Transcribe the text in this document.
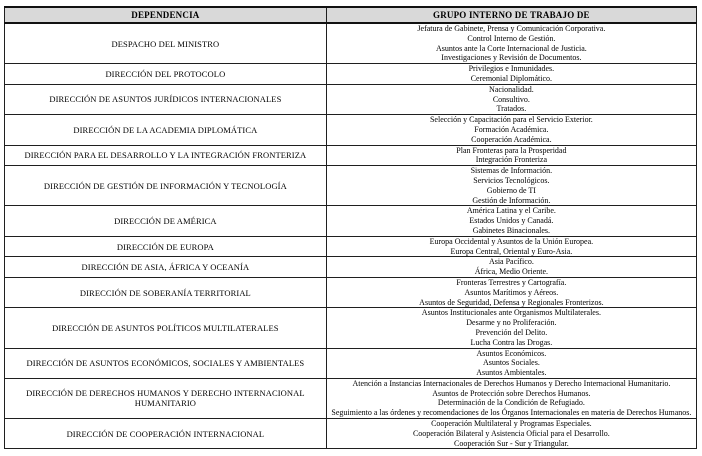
DEPENDENCIA	GRUPO INTERNO DE TRABAJO DE
DESPACHO DEL MINISTRO	Jefatura de Gabinete, Prensa y Comunicación Corporativa.
Control Interno de Gestión.
Asuntos ante la Corte Internacional de Justicia.
Investigaciones y Revisión de Documentos.

DIRECCIÓN DEL PROTOCOLO	Privilegios e Inmunidades.
Ceremonial Diplomático.

DIRECCIÓN DE ASUNTOS JURÍDICOS INTERNACIONALES	Nacionalidad.
Consultivo.
Tratados.

DIRECCIÓN DE LA ACADEMIA DIPLOMÁTICA	Selección y Capacitación para el Servicio Exterior.
Formación Académica.
Cooperación Académica.

DIRECCIÓN PARA EL DESARROLLO Y LA INTEGRACIÓN FRONTERIZA	Plan Fronteras para la Prosperidad
Integración Fronteriza

DIRECCIÓN DE GESTIÓN DE INFORMACIÓN Y TECNOLOGÍA	Sistemas de Información.
Servicios Tecnológicos.
Gobierno de TI
Gestión de Información.

DIRECCIÓN DE AMÉRICA	América Latina y el Caribe.
Estados Unidos y Canadá.
Gabinetes Binacionales.

DIRECCIÓN DE EUROPA	Europa Occidental y Asuntos de la Unión Europea.
Europa Central, Oriental y Euro-Asia.

DIRECCIÓN DE ASIA, ÁFRICA Y OCEANÍA	Asia Pacífico.
África, Medio Oriente.

DIRECCIÓN DE SOBERANÍA TERRITORIAL	Fronteras Terrestres y Cartografía.
Asuntos Marítimos y Aéreos.
Asuntos de Seguridad, Defensa y Regionales Fronterizos.

DIRECCIÓN DE ASUNTOS POLÍTICOS MULTILATERALES	Asuntos Institucionales ante Organismos Multilaterales.
Desarme y no Proliferación.
Prevención del Delito.
Lucha Contra las Drogas.

DIRECCIÓN DE ASUNTOS ECONÓMICOS, SOCIALES Y AMBIENTALES	Asuntos Económicos.
Asuntos Sociales.
Asuntos Ambientales.

DIRECCIÓN DE DERECHOS HUMANOS Y DERECHO INTERNACIONAL HUMANITARIO	Atención a Instancias Internacionales de Derechos Humanos y Derecho Internacional Humanitario.
Asuntos de Protección sobre Derechos Humanos.
Determinación de la Condición de Refugiado.
Seguimiento a las órdenes y recomendaciones de los Órganos Internacionales en materia de Derechos Humanos.

DIRECCIÓN DE COOPERACIÓN INTERNACIONAL	Cooperación Multilateral y Programas Especiales.
Cooperación Bilateral y Asistencia Oficial para el Desarrollo.
Cooperación Sur - Sur y Triangular.
